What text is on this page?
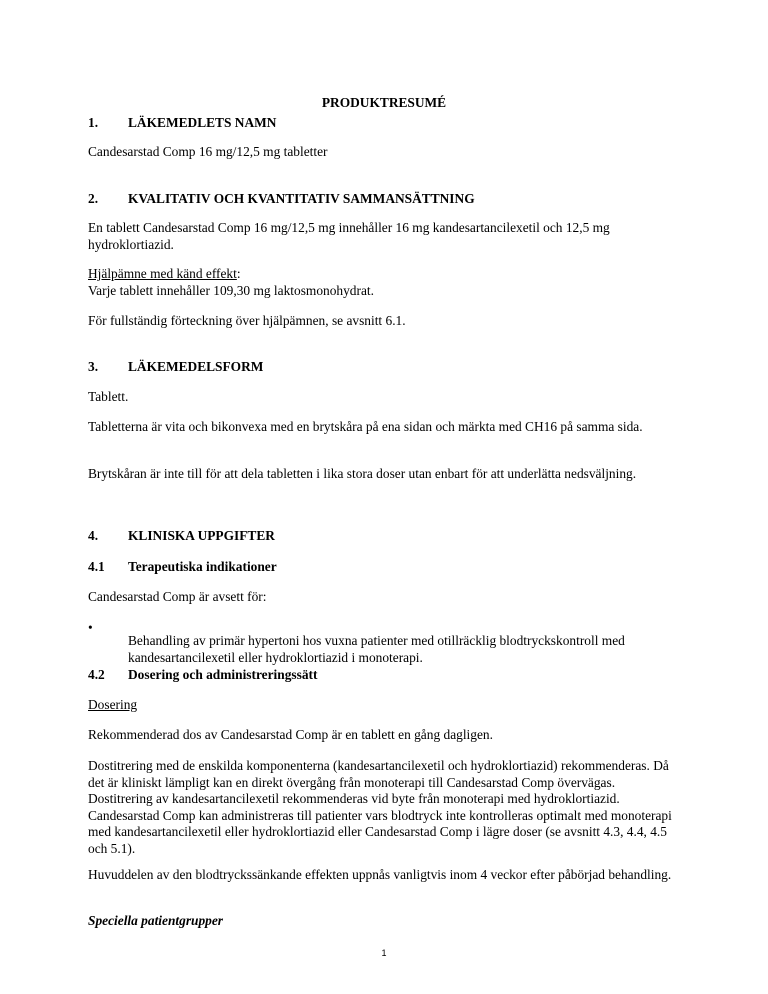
PRODUKTRESUMÉ
1. LÄKEMEDLETS NAMN

Candesarstad Comp 16 mg/12,5 mg tabletter

2. KVALITATIV OCH KVANTITATIV SAMMANSÄTTNING

En tablett Candesarstad Comp 16 mg/12,5 mg innehåller 16 mg kandesartancilexetil och 12,5 mg hydroklortiazid.

Hjälpämne med känd effekt:
Varje tablett innehåller 109,30 mg laktosmonohydrat.

För fullständig förteckning över hjälpämnen, se avsnitt 6.1.

3. LÄKEMEDELSFORM

Tablett.

Tabletterna är vita och bikonvexa med en brytskåra på ena sidan och märkta med CH16 på samma sida.

Brytskåran är inte till för att dela tabletten i lika stora doser utan enbart för att underlätta nedsväljning.

4. KLINISKA UPPGIFTER
4.1 Terapeutiska indikationer

Candesarstad Comp är avsett för:

•

Behandling av primär hypertoni hos vuxna patienter med otillräcklig blodtryckskontroll med kandesartancilexetil eller hydroklortiazid i monoterapi.

4.2 Dosering och administreringssätt

Dosering

Rekommenderad dos av Candesarstad Comp är en tablett en gång dagligen.

Dostitrering med de enskilda komponenterna (kandesartancilexetil och hydroklortiazid) rekommenderas. Då det är kliniskt lämpligt kan en direkt övergång från monoterapi till Candesarstad Comp övervägas. Dostitrering av kandesartancilexetil rekommenderas vid byte från monoterapi med hydroklortiazid. Candesarstad Comp kan administreras till patienter vars blodtryck inte kontrolleras optimalt med monoterapi med kandesartancilexetil eller hydroklortiazid eller Candesarstad Comp i lägre doser (se avsnitt 4.3, 4.4, 4.5 och 5.1).

Huvuddelen av den blodtryckssänkande effekten uppnås vanligtvis inom 4 veckor efter påbörjad behandling.

Speciella patientgrupper

1
